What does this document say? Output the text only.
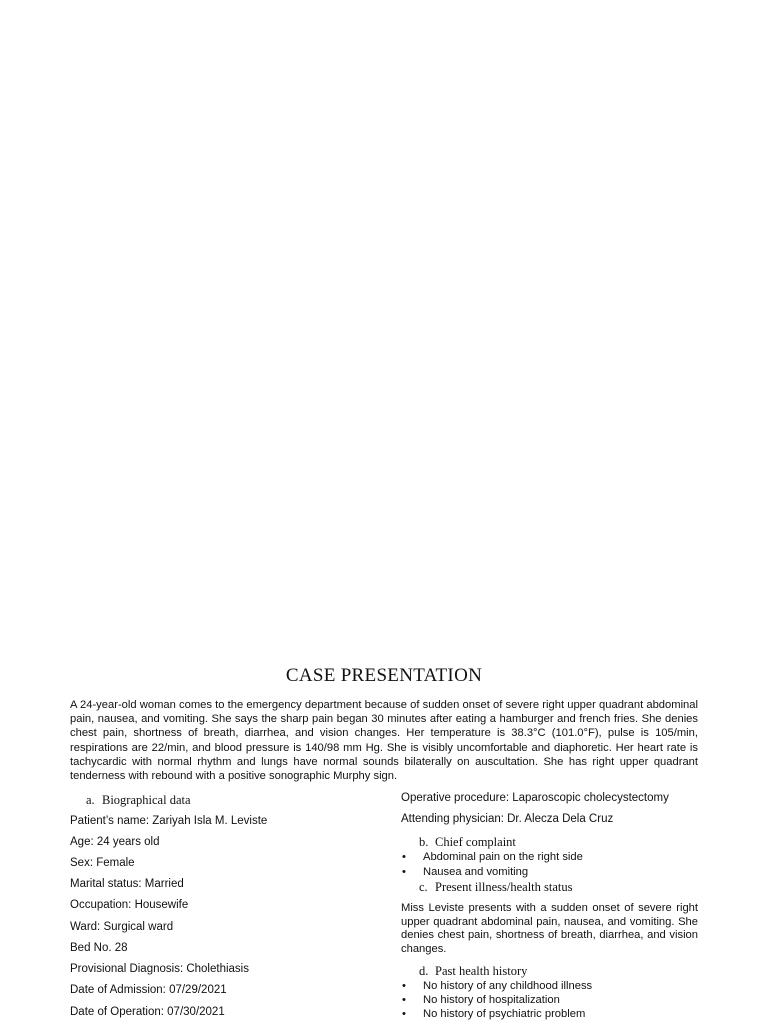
CASE PRESENTATION

A 24-year-old woman comes to the emergency department because of sudden onset of severe right upper quadrant abdominal pain, nausea, and vomiting. She says the sharp pain began 30 minutes after eating a hamburger and french fries. She denies chest pain, shortness of breath, diarrhea, and vision changes. Her temperature is 38.3°C (101.0°F), pulse is 105/min, respirations are 22/min, and blood pressure is 140/98 mm Hg. She is visibly uncomfortable and diaphoretic. Her heart rate is tachycardic with normal rhythm and lungs have normal sounds bilaterally on auscultation. She has right upper quadrant tenderness with rebound with a positive sonographic Murphy sign.

a. Biographical data
Patient’s name: Zariyah Isla M. Leviste
Age: 24 years old
Sex: Female
Marital status: Married
Occupation: Housewife
Ward: Surgical ward
Bed No. 28
Provisional Diagnosis: Cholethiasis
Date of Admission: 07/29/2021
Date of Operation: 07/30/2021
Operative procedure: Laparoscopic cholecystectomy
Attending physician: Dr. Alecza Dela Cruz
b. Chief complaint
• Abdominal pain on the right side
• Nausea and vomiting
c. Present illness/health status

Miss Leviste presents with a sudden onset of severe right upper quadrant abdominal pain, nausea, and vomiting. She denies chest pain, shortness of breath, diarrhea, and vision changes.

d. Past health history
• No history of any childhood illness
• No history of hospitalization
• No history of psychiatric problem
